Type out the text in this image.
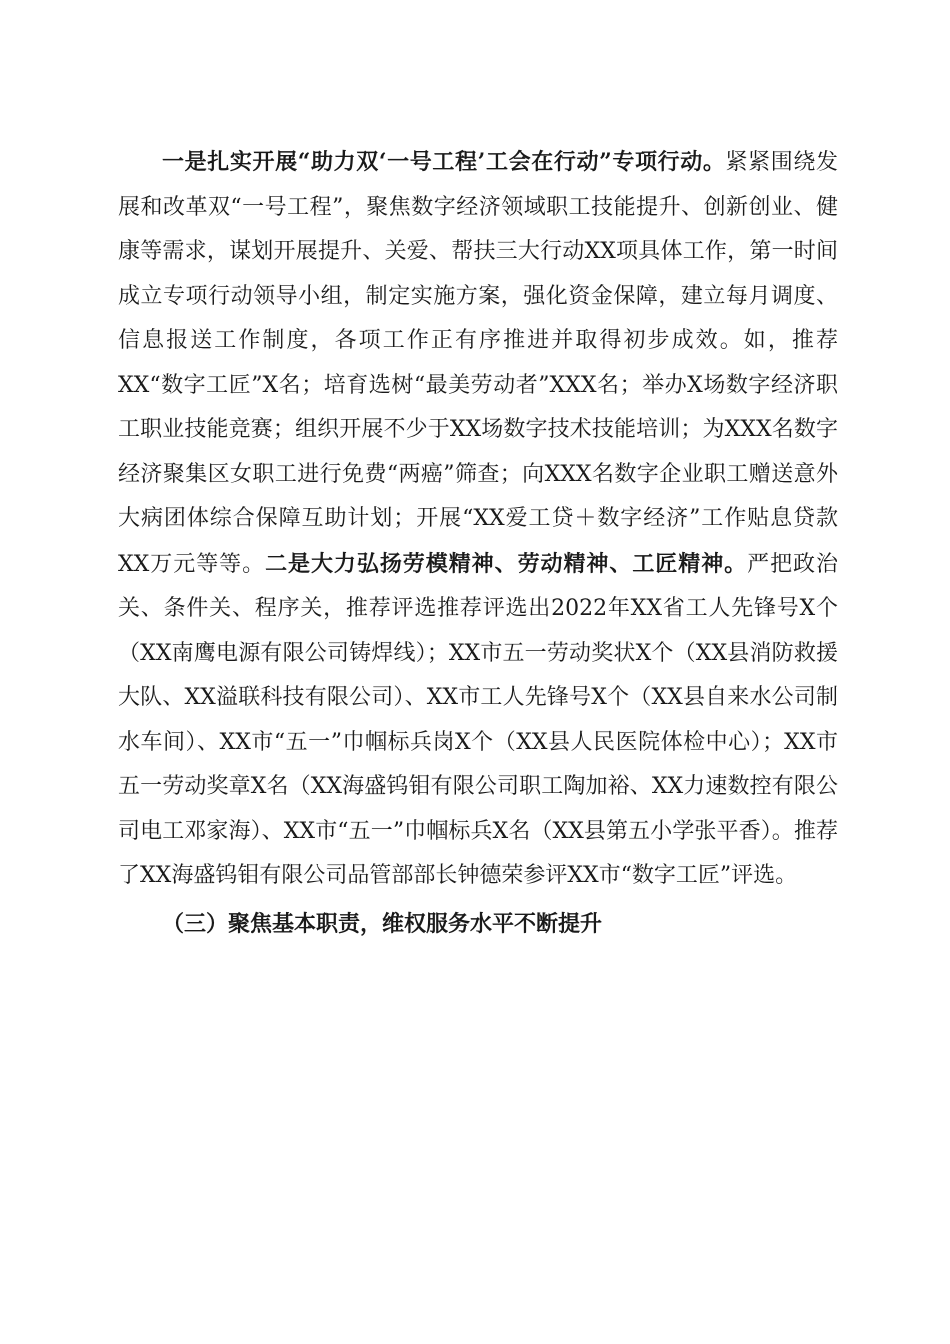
一是扎实开展“助力双‘一号工程’工会在行动”专项行动。紧紧围绕发展和改革双“一号工程”，聚焦数字经济领域职工技能提升、创新创业、健康等需求，谋划开展提升、关爱、帮扶三大行动XX项具体工作，第一时间成立专项行动领导小组，制定实施方案，强化资金保障，建立每月调度、信息报送工作制度，各项工作正有序推进并取得初步成效。如，推荐XX“数字工匠”X名；培育选树“最美劳动者”XXX名；举办X场数字经济职工职业技能竞赛；组织开展不少于XX场数字技术技能培训；为XXX名数字经济聚集区女职工进行免费“两癌”筛查；向XXX名数字企业职工赠送意外大病团体综合保障互助计划；开展“XX爱工贷＋数字经济”工作贴息贷款XX万元等等。二是大力弘扬劳模精神、劳动精神、工匠精神。严把政治关、条件关、程序关，推荐评选推荐评选出2022年XX省工人先锋号X个（XX南鹰电源有限公司铸焊线）；XX市五一劳动奖状X个（XX县消防救援大队、XX溢联科技有限公司）、XX市工人先锋号X个（XX县自来水公司制水车间）、XX市“五一”巾帼标兵岗X个（XX县人民医院体检中心）；XX市五一劳动奖章X名（XX海盛钨钼有限公司职工陶加裕、XX力速数控有限公司电工邓家海）、XX市“五一”巾帼标兵X名（XX县第五小学张平香）。推荐了XX海盛钨钼有限公司品管部部长钟德荣参评XX市“数字工匠”评选。

（三）聚焦基本职责，维权服务水平不断提升
